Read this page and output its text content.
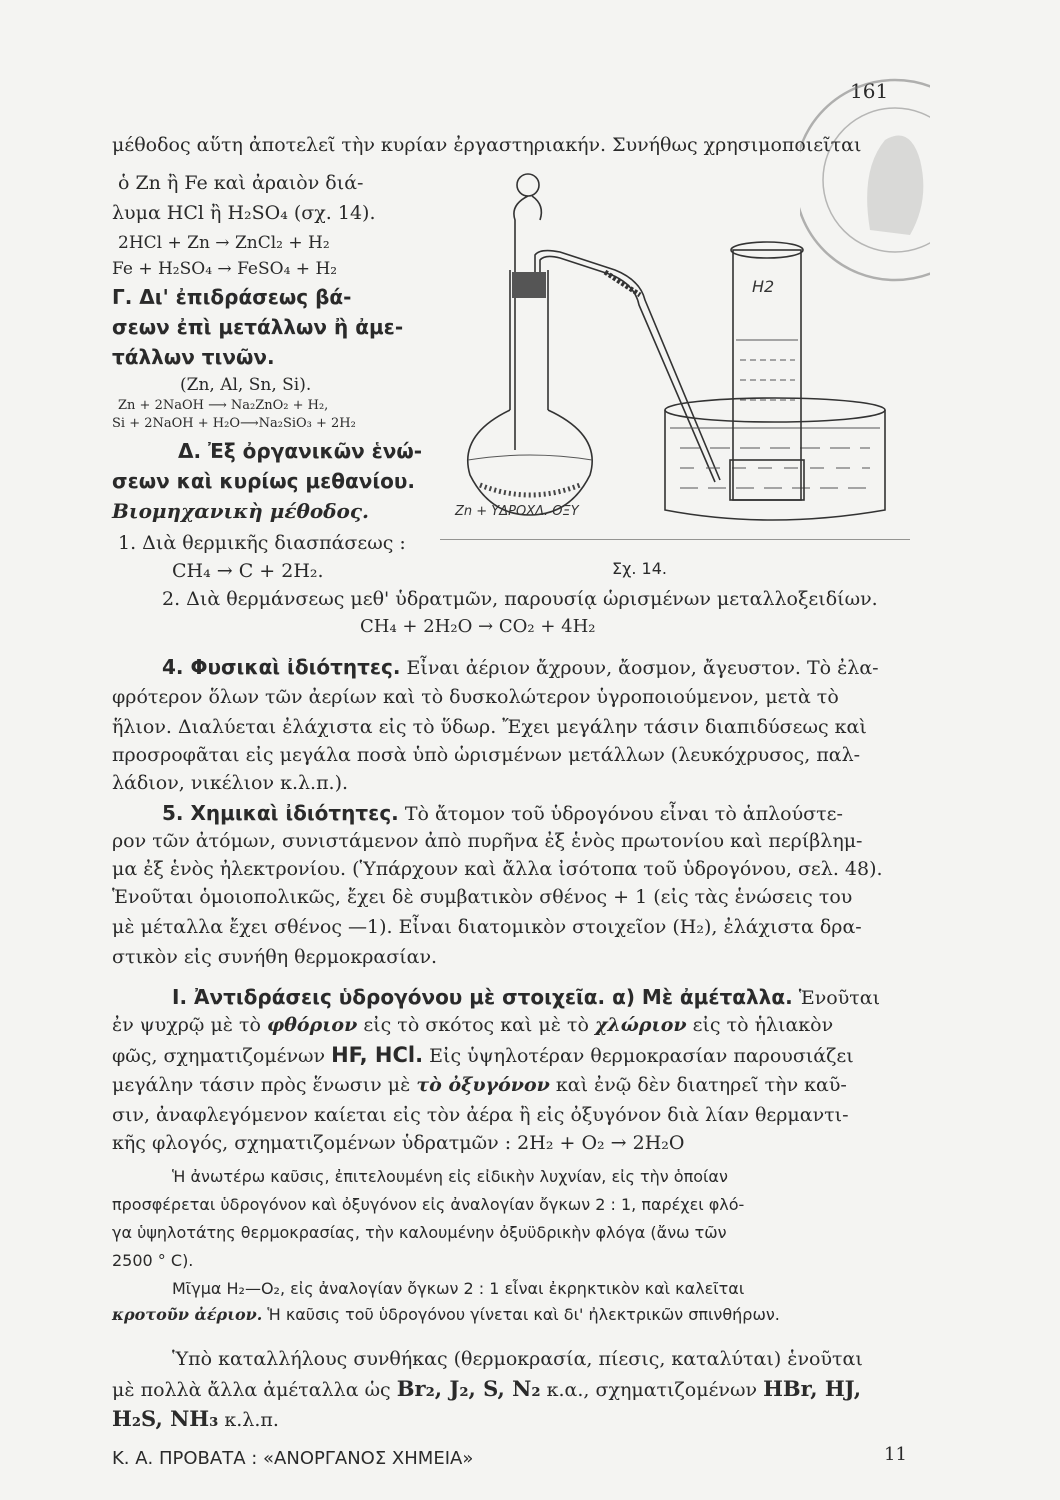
161
μέθοδος αὕτη ἀποτελεῖ τὴν κυρίαν ἐργαστηριακήν. Συνήθως χρησιμοποιεῖται
ὁ Zn ἢ Fe καὶ ἀραιὸν διά-
λυμα HCl ἢ H₂SO₄ (σχ. 14).
2HCl + Zn → ZnCl₂ + H₂
Fe + H₂SO₄ → FeSO₄ + H₂
Γ. Δι' ἐπιδράσεως βά-
σεων ἐπὶ μετάλλων ἢ ἀμε-
τάλλων τινῶν.
(Zn, Al, Sn, Si).
Zn + 2NaOH ⟶ Na₂ZnO₂ + H₂,
Si + 2NaOH + H₂O⟶Na₂SiO₃ + 2H₂
Δ. Ἐξ ὀργανικῶν ἑνώ-
σεων καὶ κυρίως μεθανίου.
Βιομηχανικὴ μέθοδος.
1. Διὰ θερμικῆς διασπάσεως :
CH₄ → C + 2H₂.
H2
Zn + ΥΔΡΟΧΛ. ΟΞΥ
Σχ. 14.
2. Διὰ θερμάνσεως μεθ' ὑδρατμῶν, παρουσίᾳ ὡρισμένων μεταλλοξειδίων.
CH₄ + 2H₂O → CO₂ + 4H₂
4. Φυσικαὶ ἰδιότητες. Εἶναι ἀέριον ἄχρουν, ἄοσμον, ἄγευστον. Τὸ ἐλα-
φρότερον ὅλων τῶν ἀερίων καὶ τὸ δυσκολώτερον ὑγροποιούμενον, μετὰ τὸ
ἥλιον. Διαλύεται ἐλάχιστα εἰς τὸ ὕδωρ. Ἔχει μεγάλην τάσιν διαπιδύσεως καὶ
προσροφᾶται εἰς μεγάλα ποσὰ ὑπὸ ὡρισμένων μετάλλων (λευκόχρυσος, παλ-
λάδιον, νικέλιον κ.λ.π.).
5. Χημικαὶ ἰδιότητες. Τὸ ἄτομον τοῦ ὑδρογόνου εἶναι τὸ ἁπλούστε-
ρον τῶν ἀτόμων, συνιστάμενον ἀπὸ πυρῆνα ἐξ ἑνὸς πρωτονίου καὶ περίβλημ-
μα ἐξ ἑνὸς ἠλεκτρονίου. (Ὑπάρχουν καὶ ἄλλα ἰσότοπα τοῦ ὑδρογόνου, σελ. 48).
Ἑνοῦται ὁμοιοπολικῶς, ἔχει δὲ συμβατικὸν σθένος + 1 (εἰς τὰς ἑνώσεις του
μὲ μέταλλα ἔχει σθένος —1). Εἶναι διατομικὸν στοιχεῖον (H₂), ἐλάχιστα δρα-
στικὸν εἰς συνήθη θερμοκρασίαν.
I. Ἀντιδράσεις ὑδρογόνου μὲ στοιχεῖα. α) Μὲ ἀμέταλλα. Ἑνοῦται
ἐν ψυχρῷ μὲ τὸ φθόριον εἰς τὸ σκότος καὶ μὲ τὸ χλώριον εἰς τὸ ἡλιακὸν
φῶς, σχηματιζομένων HF, HCl. Εἰς ὑψηλοτέραν θερμοκρασίαν παρουσιάζει
μεγάλην τάσιν πρὸς ἕνωσιν μὲ τὸ ὀξυγόνον καὶ ἐνῷ δὲν διατηρεῖ τὴν καῦ-
σιν, ἀναφλεγόμενον καίεται εἰς τὸν ἀέρα ἢ εἰς ὀξυγόνον διὰ λίαν θερμαντι-
κῆς φλογός, σχηματιζομένων ὑδρατμῶν : 2H₂ + O₂ → 2H₂O
Ἡ ἀνωτέρω καῦσις, ἐπιτελουμένη εἰς εἰδικὴν λυχνίαν, εἰς τὴν ὁποίαν
προσφέρεται ὑδρογόνον καὶ ὀξυγόνον εἰς ἀναλογίαν ὄγκων 2 : 1, παρέχει φλό-
γα ὑψηλοτάτης θερμοκρασίας, τὴν καλουμένην ὀξυϋδρικὴν φλόγα (ἄνω τῶν
2500 ° C).
Μῖγμα H₂—O₂, εἰς ἀναλογίαν ὄγκων 2 : 1 εἶναι ἐκρηκτικὸν καὶ καλεῖται
κροτοῦν ἀέριον. Ἡ καῦσις τοῦ ὑδρογόνου γίνεται καὶ δι' ἠλεκτρικῶν σπινθήρων.
Ὑπὸ καταλλήλους συνθήκας (θερμοκρασία, πίεσις, καταλύται) ἑνοῦται
μὲ πολλὰ ἄλλα ἀμέταλλα ὡς Br₂, J₂, S, N₂ κ.α., σχηματιζομένων HBr, HJ,
H₂S, NH₃ κ.λ.π.
Κ. Α. ΠΡΟΒΑΤΑ : «ΑΝΟΡΓΑΝΟΣ ΧΗΜΕΙΑ»	11
